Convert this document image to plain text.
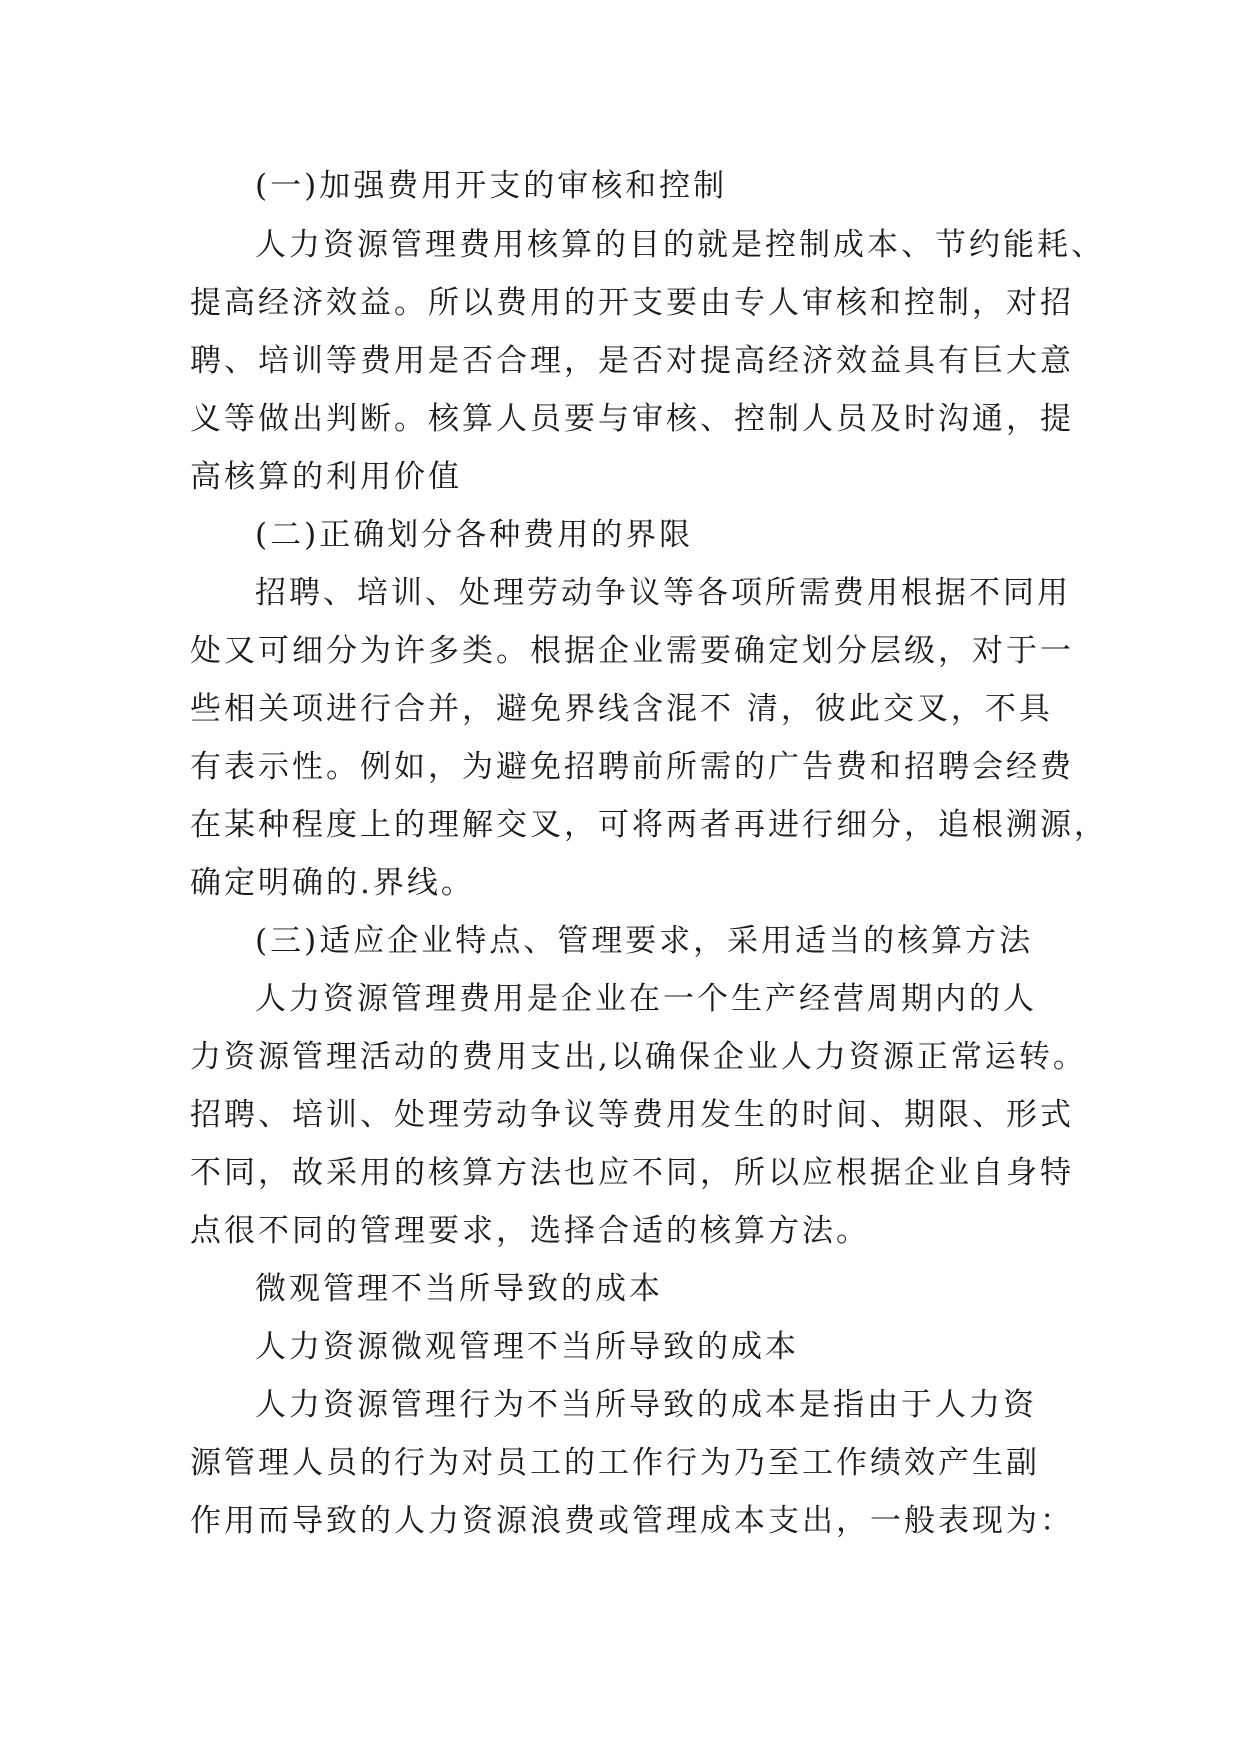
(一)加强费用开支的审核和控制

人力资源管理费用核算的目的就是控制成本、节约能耗、

提高经济效益。所以费用的开支要由专人审核和控制，对招

聘、培训等费用是否合理，是否对提高经济效益具有巨大意

义等做出判断。核算人员要与审核、控制人员及时沟通，提

高核算的利用价值

(二)正确划分各种费用的界限

招聘、培训、处理劳动争议等各项所需费用根据不同用

处又可细分为许多类。根据企业需要确定划分层级，对于一

些相关项进行合并，避免界线含混不 清，彼此交叉，不具

有表示性。例如，为避免招聘前所需的广告费和招聘会经费

在某种程度上的理解交叉，可将两者再进行细分，追根溯源，

确定明确的.界线。

(三)适应企业特点、管理要求，采用适当的核算方法

人力资源管理费用是企业在一个生产经营周期内的人

力资源管理活动的费用支出,以确保企业人力资源正常运转。

招聘、培训、处理劳动争议等费用发生的时间、期限、形式

不同，故采用的核算方法也应不同，所以应根据企业自身特

点很不同的管理要求，选择合适的核算方法。

微观管理不当所导致的成本

人力资源微观管理不当所导致的成本

人力资源管理行为不当所导致的成本是指由于人力资

源管理人员的行为对员工的工作行为乃至工作绩效产生副

作用而导致的人力资源浪费或管理成本支出，一般表现为：
